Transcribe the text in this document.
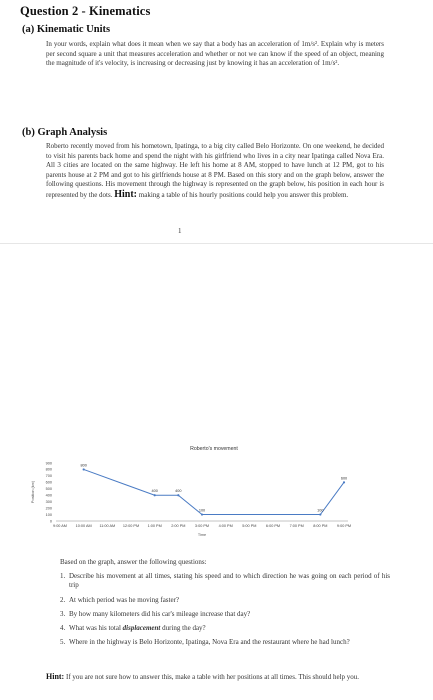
Question 2 - Kinematics
(a) Kinematic Units

In your words, explain what does it mean when we say that a body has an acceleration of 1m/s². Explain why is meters per second square a unit that measures acceleration and whether or not we can know if the speed of an object, meaning the magnitude of it's velocity, is increasing or decreasing just by knowing it has an acceleration of 1m/s².

(b) Graph Analysis

Roberto recently moved from his hometown, Ipatinga, to a big city called Belo Horizonte. On one weekend, he decided to visit his parents back home and spend the night with his girlfriend who lives in a city near Ipatinga called Nova Era. All 3 cities are located on the same highway. He left his home at 8 AM, stopped to have lunch at 12 PM, got to his parents house at 2 PM and got to his girlfriends house at 8 PM. Based on this story and on the graph below, answer the following questions. His movement through the highway is represented on the graph below, his position in each hour is represented by the dots. Hint: making a table of his hourly positions could help you answer this problem.

1
Roberto's movement
Position (km)
Time
0
100
200
300
400
500
600
700
800
900
9:00 AM 10:00 AM 11:00 AM 12:00 PM 1:00 PM	2:00 PM	3:00 PM	4:00 PM	5:00 PM	6:00 PM	7:00 PM	8:00 PM	9:00 PM
800
400	400
100	100
600

Based on the graph, answer the following questions:

1. Describe his movement at all times, stating his speed and to which direction he was going on each period of his trip
2. At which period was he moving faster?
3. By how many kilometers did his car's mileage increase that day?
4. What was his total displacement during the day?
5. Where in the highway is Belo Horizonte, Ipatinga, Nova Era and the restaurant where he had lunch?

Hint: If you are not sure how to answer this, make a table with her positions at all times. This should help you.
